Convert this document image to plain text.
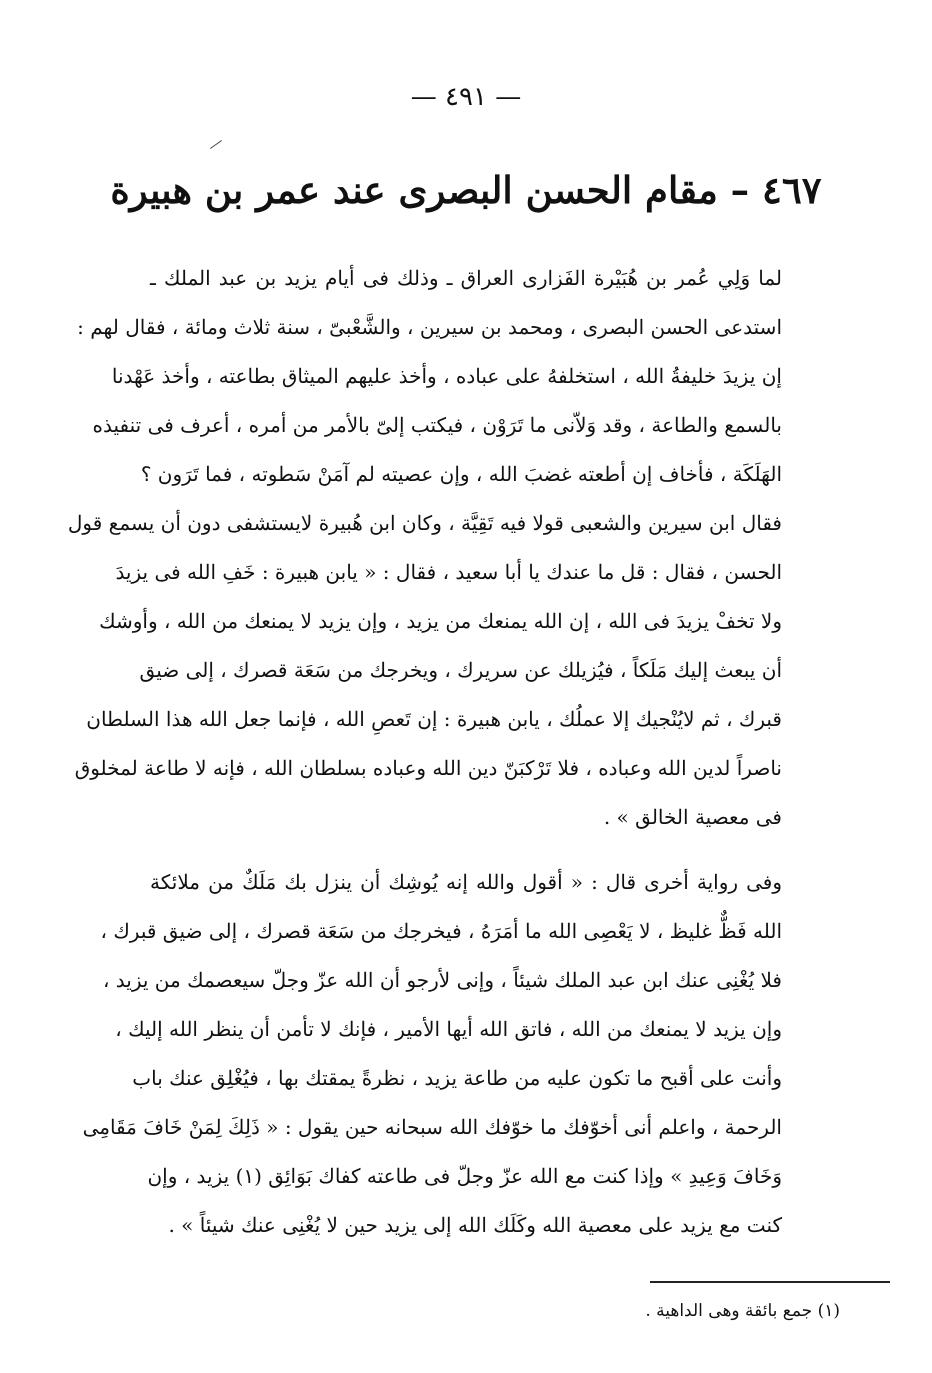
— ٤٩١ —
٤٦٧ – مقام الحسن البصرى عند عمر بن هبيرة
لما وَلِي عُمر بن هُبَيْرة الفَزارى العراق ـ وذلك فى أيام يزيد بن عبد الملك ـ
استدعى الحسن البصرى ، ومحمد بن سيرين ، والشَّعْبىّ ، سنة ثلاث ومائة ، فقال لهم :
إن يزيدَ خليفةُ الله ، استخلفهُ على عباده ، وأخذ عليهم الميثاق بطاعته ، وأخذ عَهْدنا
بالسمع والطاعة ، وقد وَلاّنى ما تَرَوْن ، فيكتب إلىّ بالأمر من أمره ، أعرف فى تنفيذه
الهَلَكَة ، فأخاف إن أطعته غضبَ الله ، وإن عصيته لم آمَنْ سَطوته ، فما تَرَون ؟
فقال ابن سيرين والشعبى قولا فيه تَقِيَّة ، وكان ابن هُبيرة لايستشفى دون أن يسمع قول
الحسن ، فقال : قل ما عندك يا أبا سعيد ، فقال : « يابن هبيرة : خَفِ الله فى يزيدَ
ولا تخفْ يزيدَ فى الله ، إن الله يمنعك من يزيد ، وإن يزيد لا يمنعك من الله ، وأوشك
أن يبعث إليك مَلَكاً ، فيُزيلك عن سريرك ، ويخرجك من سَعَة قصرك ، إلى ضيق
قبرك ، ثم لايُنْجيك إلا عملُك ، يابن هبيرة : إن تَعصِ الله ، فإنما جعل الله هذا السلطان
ناصراً لدين الله وعباده ، فلا تَرْكبَنّ دين الله وعباده بسلطان الله ، فإنه لا طاعة لمخلوق
فى معصية الخالق » .
وفى رواية أخرى قال : « أقول والله إنه يُوشِك أن ينزل بك مَلَكٌ من ملائكة
الله فَظٌّ غليظ ، لا يَعْصِى الله ما أمَرَهُ ، فيخرجك من سَعَة قصرك ، إلى ضيق قبرك ،
فلا يُغْنِى عنك ابن عبد الملك شيئاً ، وإنى لأرجو أن الله عزّ وجلّ سيعصمك من يزيد ،
وإن يزيد لا يمنعك من الله ، فاتق الله أيها الأمير ، فإنك لا تأمن أن ينظر الله إليك ،
وأنت على أقبح ما تكون عليه من طاعة يزيد ، نظرةً يمقتك بها ، فيُغْلِق عنك باب
الرحمة ، واعلم أنى أخوّفك ما خوّفك الله سبحانه حين يقول : « ذَلِكَ لِمَنْ خَافَ مَقَامِى
وَخَافَ وَعِيدِ » وإذا كنت مع الله عزّ وجلّ فى طاعته كفاك بَوَائِق (١) يزيد ، وإن
كنت مع يزيد على معصية الله وكَلَك الله إلى يزيد حين لا يُغْنِى عنك شيئاً » .
(١) جمع بائقة وهى الداهية .
